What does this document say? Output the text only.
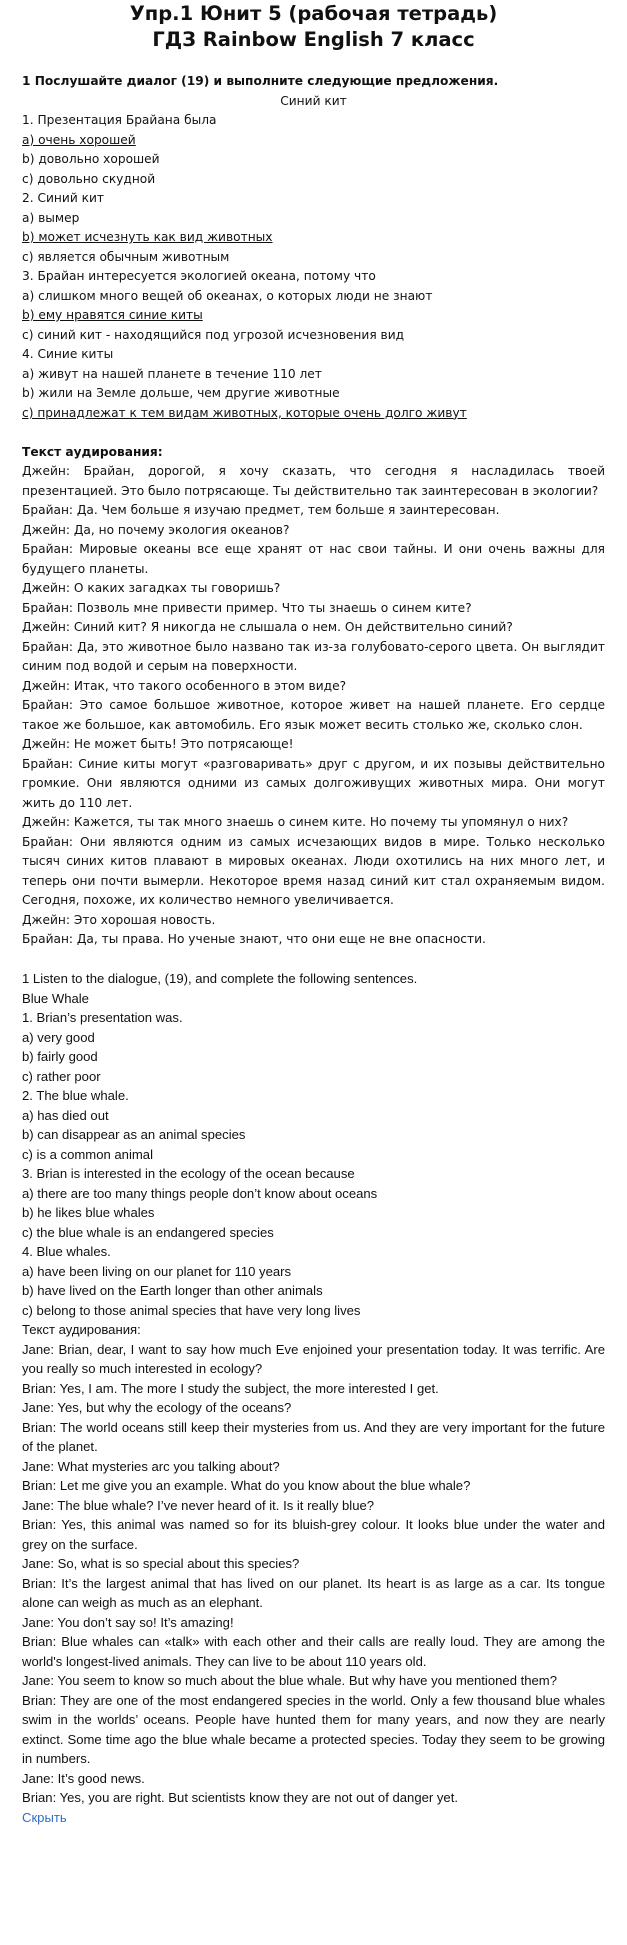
Упр.1 Юнит 5 (рабочая тетрадь)
ГДЗ Rainbow English 7 класс
1 Послушайте диалог (19) и выполните следующие предложения.
Синий кит
1. Презентация Брайана была
а) очень хорошей
b) довольно хорошей
c) довольно скудной
2. Синий кит
а) вымер
b) может исчезнуть как вид животных
c) является обычным животным
3. Брайан интересуется экологией океана, потому что
а) слишком много вещей об океанах, о которых люди не знают
b) ему нравятся синие киты
c) синий кит - находящийся под угрозой исчезновения вид
4. Синие киты
а) живут на нашей планете в течение 110 лет
b) жили на Земле дольше, чем другие животные
c) принадлежат к тем видам животных, которые очень долго живут
Текст аудирования:
Джейн: Брайан, дорогой, я хочу сказать, что сегодня я насладилась твоей презентацией. Это было потрясающе. Ты действительно так заинтересован в экологии?
Брайан: Да. Чем больше я изучаю предмет, тем больше я заинтересован.
Джейн: Да, но почему экология океанов?
Брайан: Мировые океаны все еще хранят от нас свои тайны. И они очень важны для будущего планеты.
Джейн: О каких загадках ты говоришь?
Брайан: Позволь мне привести пример. Что ты знаешь о синем ките?
Джейн: Синий кит? Я никогда не слышала о нем. Он действительно синий?
Брайан: Да, это животное было названо так из-за голубовато-серого цвета. Он выглядит синим под водой и серым на поверхности.
Джейн: Итак, что такого особенного в этом виде?
Брайан: Это самое большое животное, которое живет на нашей планете. Его сердце такое же большое, как автомобиль. Его язык может весить столько же, сколько слон.
Джейн: Не может быть! Это потрясающе!
Брайан: Синие киты могут «разговаривать» друг с другом, и их позывы действительно громкие. Они являются одними из самых долгоживущих животных мира. Они могут жить до 110 лет.
Джейн: Кажется, ты так много знаешь о синем ките. Но почему ты упомянул о них?
Брайан: Они являются одним из самых исчезающих видов в мире. Только несколько тысяч синих китов плавают в мировых океанах. Люди охотились на них много лет, и теперь они почти вымерли. Некоторое время назад синий кит стал охраняемым видом. Сегодня, похоже, их количество немного увеличивается.
Джейн: Это хорошая новость.
Брайан: Да, ты права. Но ученые знают, что они еще не вне опасности.
1 Listen to the dialogue, (19), and complete the following sentences.
Blue Whale
1. Brian’s presentation was.
a) very good
b) fairly good
c) rather poor
2. The blue whale.
a) has died out
b) can disappear as an animal species
c) is a common animal
3. Brian is interested in the ecology of the ocean because
a) there are too many things people don’t know about oceans
b) he likes blue whales
c) the blue whale is an endangered species
4. Blue whales.
a) have been living on our planet for 110 years
b) have lived on the Earth longer than other animals
c) belong to those animal species that have very long lives
Текст аудирования:
Jane: Brian, dear, I want to say how much Eve enjoined your presentation today. It was terrific. Are you really so much interested in ecology?
Brian: Yes, I am. The more I study the subject, the more interested I get.
Jane: Yes, but why the ecology of the oceans?
Brian: The world oceans still keep their mysteries from us. And they are very important for the future of the planet.
Jane: What mysteries arc you talking about?
Brian: Let me give you an example. What do you know about the blue whale?
Jane: The blue whale? I’ve never heard of it. Is it really blue?
Brian: Yes, this animal was named so for its bluish-grey colour. It looks blue under the water and grey on the surface.
Jane: So, what is so special about this species?
Brian: It’s the largest animal that has lived on our planet. Its heart is as large as a car. Its tongue alone can weigh as much as an elephant.
Jane: You don’t say so! It’s amazing!
Brian: Blue whales can «talk» with each other and their calls are really loud. They are among the world's longest-lived animals. They can live to be about 110 years old.
Jane: You seem to know so much about the blue whale. But why have you mentioned them?
Brian: They are one of the most endangered species in the world. Only a few thousand blue whales swim in the worlds’ oceans. People have hunted them for many years, and now they are nearly extinct. Some time ago the blue whale became a protected species. Today they seem to be growing in numbers.
Jane: It’s good news.
Brian: Yes, you are right. But scientists know they are not out of danger yet.
Скрыть
